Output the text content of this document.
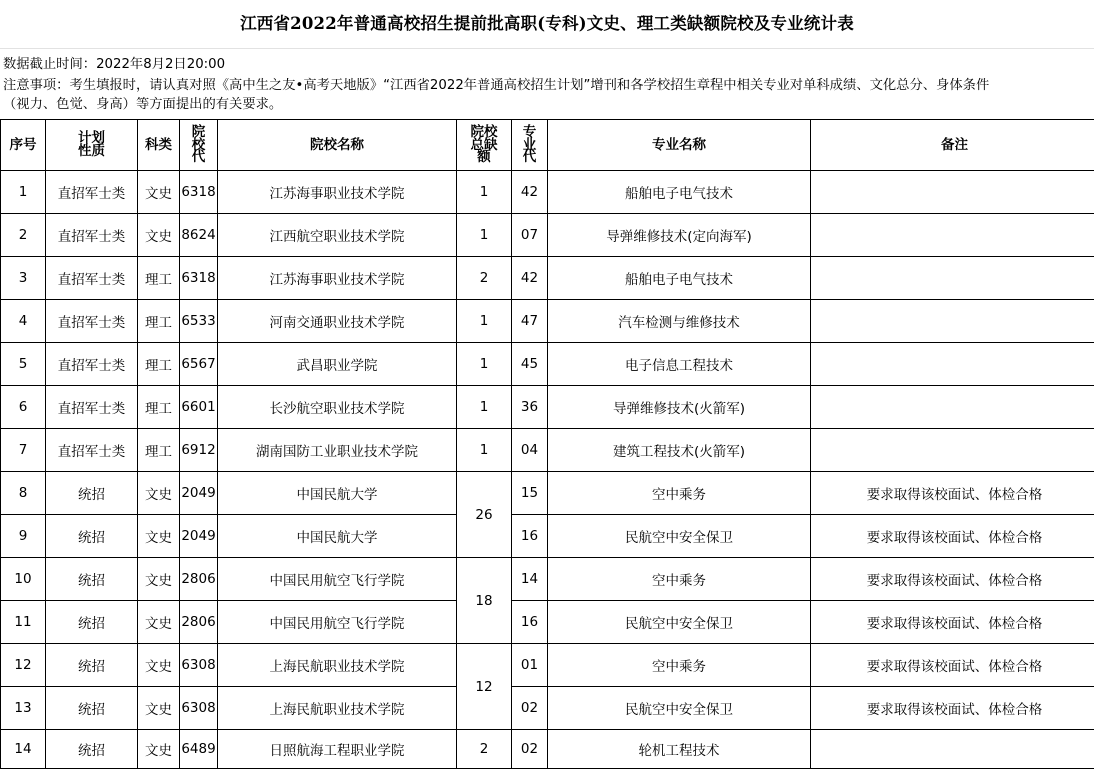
江西省2022年普通高校招生提前批高职(专科)文史、理工类缺额院校及专业统计表
数据截止时间：2022年8月2日20:00
注意事项：考生填报时，请认真对照《高中生之友•高考天地版》“江西省2022年普通高校招生计划”增刊和各学校招生章程中相关专业对单科成绩、文化总分、身体条件
（视力、色觉、身高）等方面提出的有关要求。
序号	计划性质	科类	院校代	院校名称	院校总缺额	专业代	专业名称	备注
1	直招军士类	文史	6318	江苏海事职业技术学院	1	42	船舶电子电气技术	
2	直招军士类	文史	8624	江西航空职业技术学院	1	07	导弹维修技术(定向海军)	
3	直招军士类	理工	6318	江苏海事职业技术学院	2	42	船舶电子电气技术	
4	直招军士类	理工	6533	河南交通职业技术学院	1	47	汽车检测与维修技术	
5	直招军士类	理工	6567	武昌职业学院	1	45	电子信息工程技术	
6	直招军士类	理工	6601	长沙航空职业技术学院	1	36	导弹维修技术(火箭军)	
7	直招军士类	理工	6912	湖南国防工业职业技术学院	1	04	建筑工程技术(火箭军)	
8	统招	文史	2049	中国民航大学	26	15	空中乘务	要求取得该校面试、体检合格
9	统招	文史	2049	中国民航大学		16	民航空中安全保卫	要求取得该校面试、体检合格
10	统招	文史	2806	中国民用航空飞行学院	18	14	空中乘务	要求取得该校面试、体检合格
11	统招	文史	2806	中国民用航空飞行学院		16	民航空中安全保卫	要求取得该校面试、体检合格
12	统招	文史	6308	上海民航职业技术学院	12	01	空中乘务	要求取得该校面试、体检合格
13	统招	文史	6308	上海民航职业技术学院		02	民航空中安全保卫	要求取得该校面试、体检合格
14	统招	文史	6489	日照航海工程职业学院	2	02	轮机工程技术	
